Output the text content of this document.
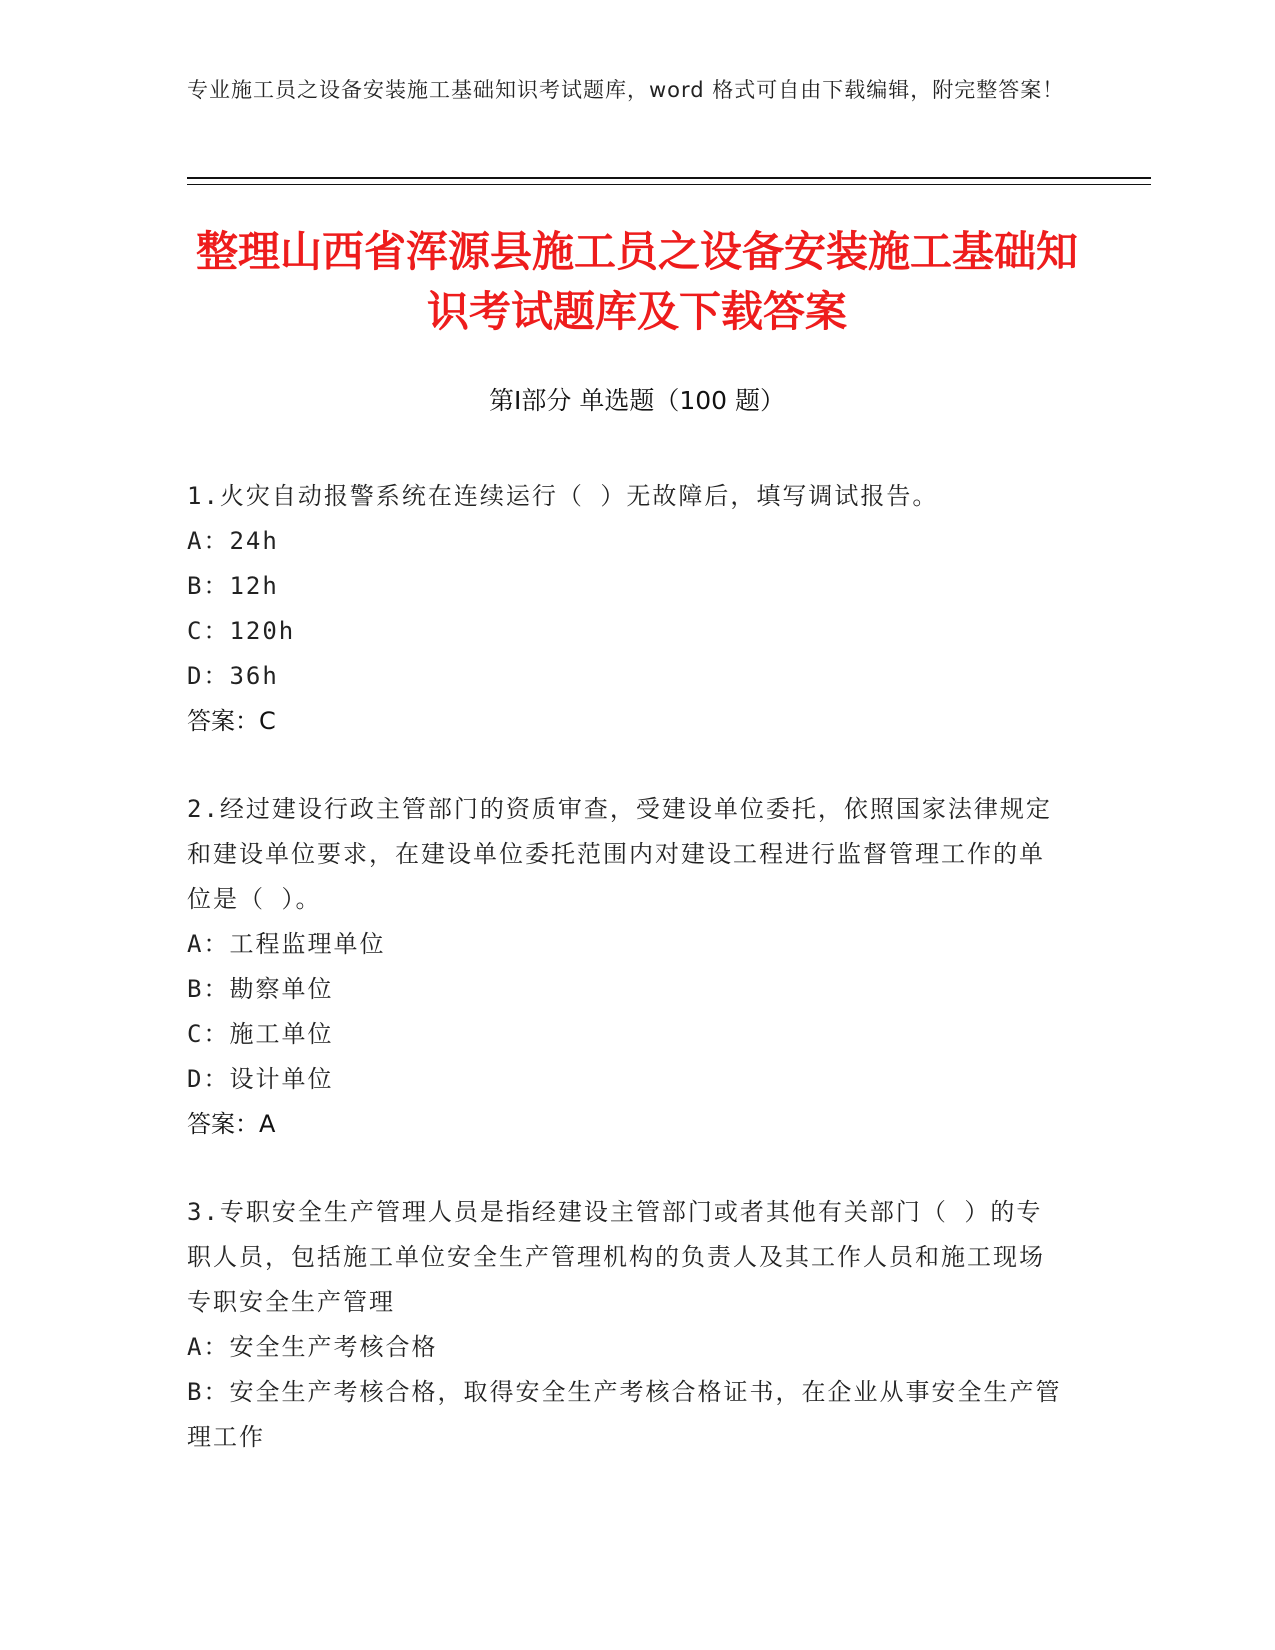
专业施工员之设备安装施工基础知识考试题库，word 格式可自由下载编辑，附完整答案！
整理山西省浑源县施工员之设备安装施工基础知识考试题库及下载答案
第Ⅰ部分 单选题（100 题）

1.火灾自动报警系统在连续运行（ ）无故障后，填写调试报告。

A：24h

B：12h

C：120h

D：36h

答案：C

2.经过建设行政主管部门的资质审查，受建设单位委托，依照国家法律规定和建设单位要求，在建设单位委托范围内对建设工程进行监督管理工作的单位是（ ）。

A：工程监理单位

B：勘察单位

C：施工单位

D：设计单位

答案：A

3.专职安全生产管理人员是指经建设主管部门或者其他有关部门（ ）的专职人员，包括施工单位安全生产管理机构的负责人及其工作人员和施工现场专职安全生产管理

A：安全生产考核合格

B：安全生产考核合格，取得安全生产考核合格证书，在企业从事安全生产管理工作
